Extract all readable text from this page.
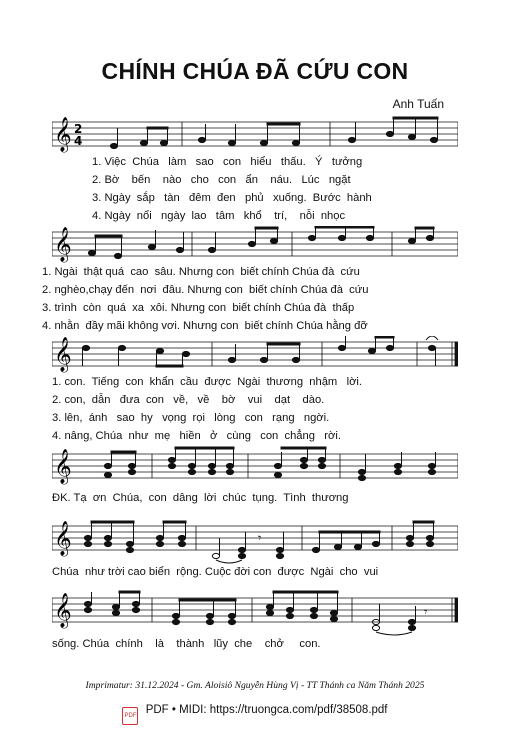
CHÍNH CHÚA ĐÃ CỨU CON
Anh Tuấn
𝄞 2
4
1. Việc  Chúa   làm   sao   con   hiểu   thấu.   Ý   tưởng
2. Bờ    bến    nào   cho   con   ẩn    náu.   Lúc   ngặt
3. Ngày  sắp   tàn   đêm  đen   phủ   xuống.  Bước  hành
4. Ngày  nổi   ngày  lao   tâm   khổ    trí,    nỗi  nhọc
𝄞
1. Ngài  thật quá  cao  sâu. Nhưng con  biết chính Chúa đà  cứu
2. nghèo,chạy đến  nơi  đâu. Nhưng con  biết chính Chúa đà  cứu
3. trình  còn  quá  xa  xôi. Nhưng con  biết chính Chúa đà  thấp
4. nhằn  đầy mãi không vơi. Nhưng con  biết chính Chúa hằng đỡ
𝄞
1. con.  Tiếng  con  khẩn  cầu  được  Ngài  thương  nhậm   lời.
2. con,  dẫn   đưa  con   về,   về    bờ    vui    dạt    dào.
3. lên,  ánh   sao  hy   vọng  rọi   lòng   con   rạng   ngời.
4. nâng, Chúa  như  mẹ   hiền   ở   cùng   con  chẳng   rời.
𝄞
ĐK. Tạ  ơn  Chúa,  con  dâng  lời  chúc  tụng.  Tình  thương
𝄞	𝄾
Chúa  như trời cao biển  rộng. Cuộc đời con  được  Ngài  cho  vui
𝄞	𝄾
sống. Chúa  chính    là    thành   lũy  che    chở     con.
Imprimatur: 31.12.2024 - Gm. Aloisiô Nguyễn Hùng Vị - TT Thánh ca Năm Thánh 2025
PDF PDF • MIDI: https://truongca.com/pdf/38508.pdf
